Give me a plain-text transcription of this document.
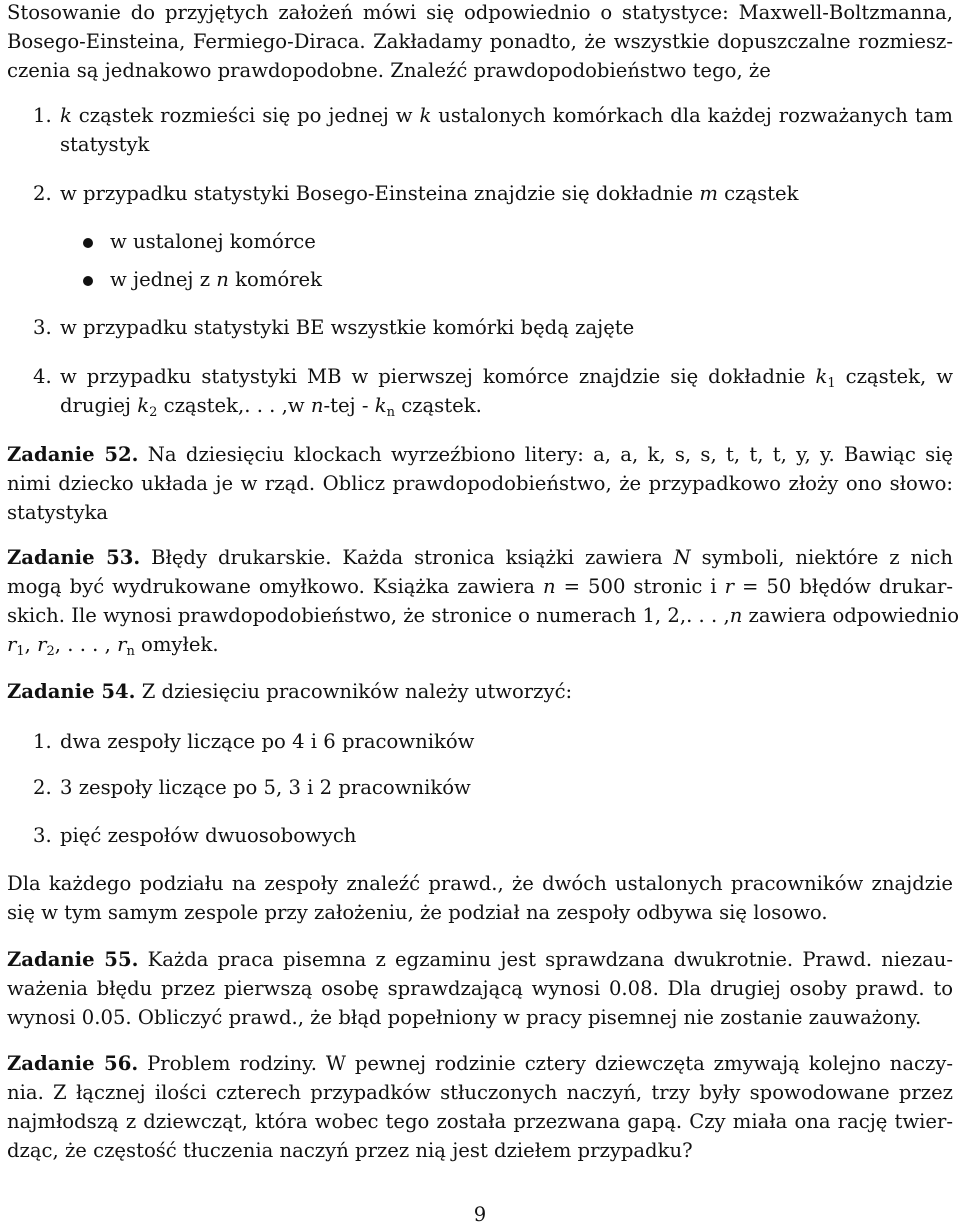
Stosowanie do przyjętych założeń mówi się odpowiednio o statystyce: Maxwell-Boltzmanna,
Bosego-Einsteina, Fermiego-Diraca. Zakładamy ponadto, że wszystkie dopuszczalne rozmiesz-
czenia są jednakowo prawdopodobne. Znaleźć prawdopodobieństwo tego, że
1. k cząstek rozmieści się po jednej w k ustalonych komórkach dla każdej rozważanych tam
statystyk
2. w przypadku statystyki Bosego-Einsteina znajdzie się dokładnie m cząstek
w ustalonej komórce
w jednej z n komórek
3. w przypadku statystyki BE wszystkie komórki będą zajęte
4. w przypadku statystyki MB w pierwszej komórce znajdzie się dokładnie $k_1$ cząstek, w
drugiej $k_2$ cząstek,. . . ,w $n-tej - k_n$ cząstek.
Zadanie 52. Na dziesięciu klockach wyrzeźbiono litery: a, a, k, s, s, t, t, t, y, y. Bawiąc się
nimi dziecko układa je w rząd. Oblicz prawdopodobieństwo, że przypadkowo złoży ono słowo:
statystyka
Zadanie 53. Błędy drukarskie. Każda stronica książki zawiera N symboli, niektóre z nich
mogą być wydrukowane omyłkowo. Książka zawiera n = 500 stronic i r = 50 błędów drukar-
skich. Ile wynosi prawdopodobieństwo, że stronice o numerach 1, 2,. . . ,n zawiera odpowiednio
$r_1$, $r_2$, . . . , $r_n$ omyłek.
Zadanie 54. Z dziesięciu pracowników należy utworzyć:
1. dwa zespoły liczące po 4 i 6 pracowników
2. 3 zespoły liczące po 5, 3 i 2 pracowników
3. pięć zespołów dwuosobowych
Dla każdego podziału na zespoły znaleźć prawd., że dwóch ustalonych pracowników znajdzie
się w tym samym zespole przy założeniu, że podział na zespoły odbywa się losowo.
Zadanie 55. Każda praca pisemna z egzaminu jest sprawdzana dwukrotnie. Prawd. niezau-
ważenia błędu przez pierwszą osobę sprawdzającą wynosi 0.08. Dla drugiej osoby prawd. to
wynosi 0.05. Obliczyć prawd., że błąd popełniony w pracy pisemnej nie zostanie zauważony.
Zadanie 56. Problem rodziny. W pewnej rodzinie cztery dziewczęta zmywają kolejno naczy-
nia. Z łącznej ilości czterech przypadków stłuczonych naczyń, trzy były spowodowane przez
najmłodszą z dziewcząt, która wobec tego została przezwana gapą. Czy miała ona rację twier-
dząc, że częstość tłuczenia naczyń przez nią jest dziełem przypadku?
9
